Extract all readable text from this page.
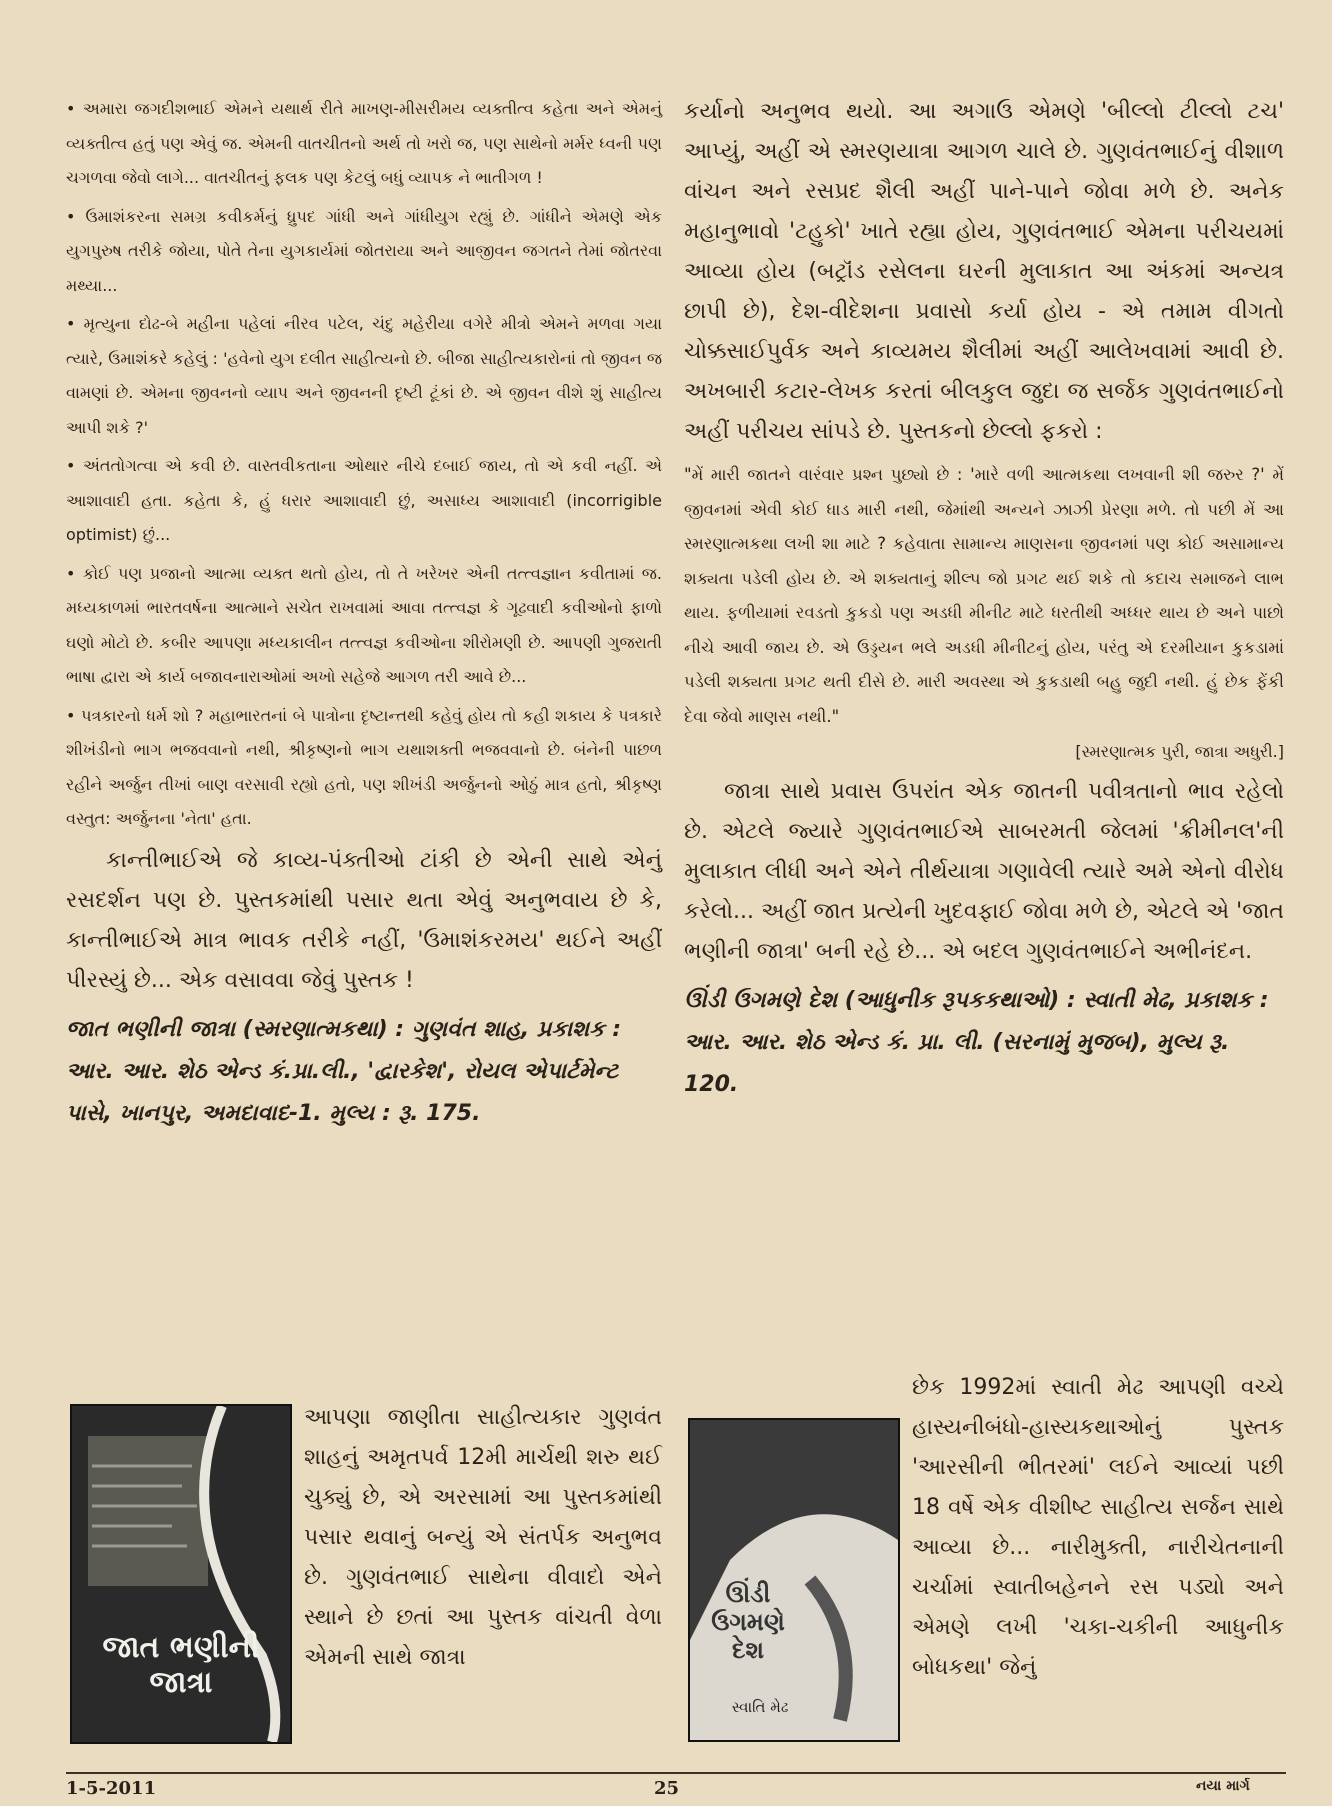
• અમારા જગદીશભાઈ એમને યથાર્થ રીતે માખણ-મીસરીમય વ્યક્તીત્વ કહેતા અને એમનું વ્યક્તીત્વ હતું પણ એવું જ. એમની વાતચીતનો અર્થ તો ખરો જ, પણ સાથેનો મર્મર ધ્વની પણ ચગળવા જેવો લાગે... વાતચીતનું ફલક પણ કેટલું બધું વ્યાપક ને ભાતીગળ !

• ઉમાશંકરના સમગ્ર કવીકર્મનું ધ્રુપદ ગાંધી અને ગાંધીયુગ રહ્યું છે. ગાંધીને એમણે એક યુગપુરુષ તરીકે જોયા, પોતે તેના યુગકાર્યમાં જોતરાયા અને આજીવન જગતને તેમાં જોતરવા મથ્યા...

• મૃત્યુના દોઢ-બે મહીના પહેલાં નીરવ પટેલ, ચંદુ મહેરીયા વગેરે મીત્રો એમને મળવા ગયા ત્યારે, ઉમાશંકરે કહેલું : 'હવેનો યુગ દલીત સાહીત્યનો છે. બીજા સાહીત્યકારોનાં તો જીવન જ વામણાં છે. એમના જીવનનો વ્યાપ અને જીવનની દૃષ્ટી ટૂંકાં છે. એ જીવન વીશે શું સાહીત્ય આપી શકે ?'

• અંતતોગત્વા એ કવી છે. વાસ્તવીકતાના ઓથાર નીચે દબાઈ જાય, તો એ કવી નહીં. એ આશાવાદી હતા. કહેતા કે, હું ધરાર આશાવાદી છું, અસાધ્ય આશાવાદી (incorrigible optimist) છું...

• કોઈ પણ પ્રજાનો આત્મા વ્યક્ત થતો હોય, તો તે ખરેખર એની તત્ત્વજ્ઞાન કવીતામાં જ. મધ્યકાળમાં ભારતવર્ષના આત્માને સચેત રાખવામાં આવા તત્ત્વજ્ઞ કે ગૂઢવાદી કવીઓનો ફાળો ઘણો મોટો છે. કબીર આપણા મધ્યકાલીન તત્ત્વજ્ઞ કવીઓના શીરોમણી છે. આપણી ગુજરાતી ભાષા દ્વારા એ કાર્ય બજાવનારાઓમાં અખો સહેજે આગળ તરી આવે છે...

• પત્રકારનો ધર્મ શો ? મહાભારતનાં બે પાત્રોના દૃષ્ટાન્તથી કહેવું હોય તો કહી શકાય કે પત્રકારે શીખંડીનો ભાગ ભજવવાનો નથી, શ્રીકૃષ્ણનો ભાગ યથાશક્તી ભજવવાનો છે. બંનેની પાછળ રહીને અર્જુન તીખાં બાણ વરસાવી રહ્યો હતો, પણ શીખંડી અર્જુનનો ઓઠું માત્ર હતો, શ્રીકૃષ્ણ વસ્તુત: અર્જુનના 'નેતા' હતા.

કાન્તીભાઈએ જે કાવ્ય-પંક્તીઓ ટાંકી છે એની સાથે એનું રસદર્શન પણ છે. પુસ્તકમાંથી પસાર થતા એવું અનુભવાય છે કે, કાન્તીભાઈએ માત્ર ભાવક તરીકે નહીં, 'ઉમાશંકરમય' થઈને અહીં પીરસ્યું છે... એક વસાવવા જેવું પુસ્તક !

જાત ભણીની જાત્રા (સ્મરણાત્મકથા) : ગુણવંત શાહ, પ્રકાશક : આર. આર. શેઠ એન્ડ કં.પ્રા.લી., 'દ્વારકેશ', રોયલ એપાર્ટમેન્ટ પાસે, ખાનપુર, અમદાવાદ-1. મુલ્ય : રૂ. 175.

જાત ભણીની જાત્રા
આપણા જાણીતા સાહીત્યકાર ગુણવંત શાહનું અમૃતપર્વ 12મી માર્ચથી શરુ થઈ ચુક્યું છે, એ અરસામાં આ પુસ્તકમાંથી પસાર થવાનું બન્યું એ સંતર્પક અનુભવ છે. ગુણવંતભાઈ સાથેના વીવાદો એને સ્થાને છે છતાં આ પુસ્તક વાંચતી વેળા એમની સાથે જાત્રા

કર્યાનો અનુભવ થયો. આ અગાઉ એમણે 'બીલ્લો ટીલ્લો ટચ' આપ્યું, અહીં એ સ્મરણયાત્રા આગળ ચાલે છે. ગુણવંતભાઈનું વીશાળ વાંચન અને રસપ્રદ શૈલી અહીં પાને-પાને જોવા મળે છે. અનેક મહાનુભાવો 'ટહુકો' ખાતે રહ્યા હોય, ગુણવંતભાઈ એમના પરીચયમાં આવ્યા હોય (બટ્રૉંડ રસેલના ઘરની મુલાકાત આ અંકમાં અન્યત્ર છાપી છે), દેશ-વીદેશના પ્રવાસો કર્યા હોય - એ તમામ વીગતો ચોક્કસાઈપુર્વક અને કાવ્યમય શૈલીમાં અહીં આલેખવામાં આવી છે. અખબારી કટાર-લેખક કરતાં બીલકુલ જુદા જ સર્જક ગુણવંતભાઈનો અહીં પરીચય સાંપડે છે. પુસ્તકનો છેલ્લો ફકરો :

"મેં મારી જાતને વારંવાર પ્રશ્ન પુછ્યો છે : 'મારે વળી આત્મકથા લખવાની શી જરુર ?' મેં જીવનમાં એવી કોઈ ધાડ મારી નથી, જેમાંથી અન્યને ઝાઝી પ્રેરણા મળે. તો પછી મેં આ સ્મરણાત્મકથા લખી શા માટે ? કહેવાતા સામાન્ય માણસના જીવનમાં પણ કોઈ અસામાન્ય શક્યતા પડેલી હોય છે. એ શક્યતાનું શીલ્પ જો પ્રગટ થઈ શકે તો કદાચ સમાજને લાભ થાય. ફળીયામાં રવડતો કુકડો પણ અડધી મીનીટ માટે ધરતીથી અધ્ધર થાય છે અને પાછો નીચે આવી જાય છે. એ ઉડ્ડયન ભલે અડધી મીનીટનું હોય, પરંતુ એ દરમીયાન કુકડામાં પડેલી શક્યતા પ્રગટ થતી દીસે છે. મારી અવસ્થા એ કુકડાથી બહુ જુદી નથી. હું છેક ફેંકી દેવા જેવો માણસ નથી."

[સ્મરણાત્મક પુરી, જાત્રા અધુરી.]

જાત્રા સાથે પ્રવાસ ઉપરાંત એક જાતની પવીત્રતાનો ભાવ રહેલો છે. એટલે જ્યારે ગુણવંતભાઈએ સાબરમતી જેલમાં 'ક્રીમીનલ'ની મુલાકાત લીધી અને એને તીર્થયાત્રા ગણાવેલી ત્યારે અમે એનો વીરોધ કરેલો... અહીં જાત પ્રત્યેની ખુદવફાઈ જોવા મળે છે, એટલે એ 'જાત ભણીની જાત્રા' બની રહે છે... એ બદલ ગુણવંતભાઈને અભીનંદન.

ઊંડી ઉગમણે દેશ (આધુનીક રૂપકકથાઓ) : સ્વાતી મેઢ, પ્રકાશક : આર. આર. શેઠ એન્ડ કં. પ્રા. લી. (સરનામું મુજબ), મુલ્ય રૂ. 120.

ઊંડી ઉગમણે દેશ
સ્વાતિ મેઢ
છેક 1992માં સ્વાતી મેઢ આપણી વચ્ચે હાસ્યનીબંધો-હાસ્યકથાઓનું પુસ્તક 'આરસીની ભીતરમાં' લઈને આવ્યાં પછી 18 વર્ષે એક વીશીષ્ટ સાહીત્ય સર્જન સાથે આવ્યા છે... નારીમુક્તી, નારીચેતનાની ચર્ચામાં સ્વાતીબહેનને રસ પડ્યો અને એમણે લખી 'ચકા-ચકીની આધુનીક બોધકથા' જેનું
1-5-2011	25	નયા માર્ગ
